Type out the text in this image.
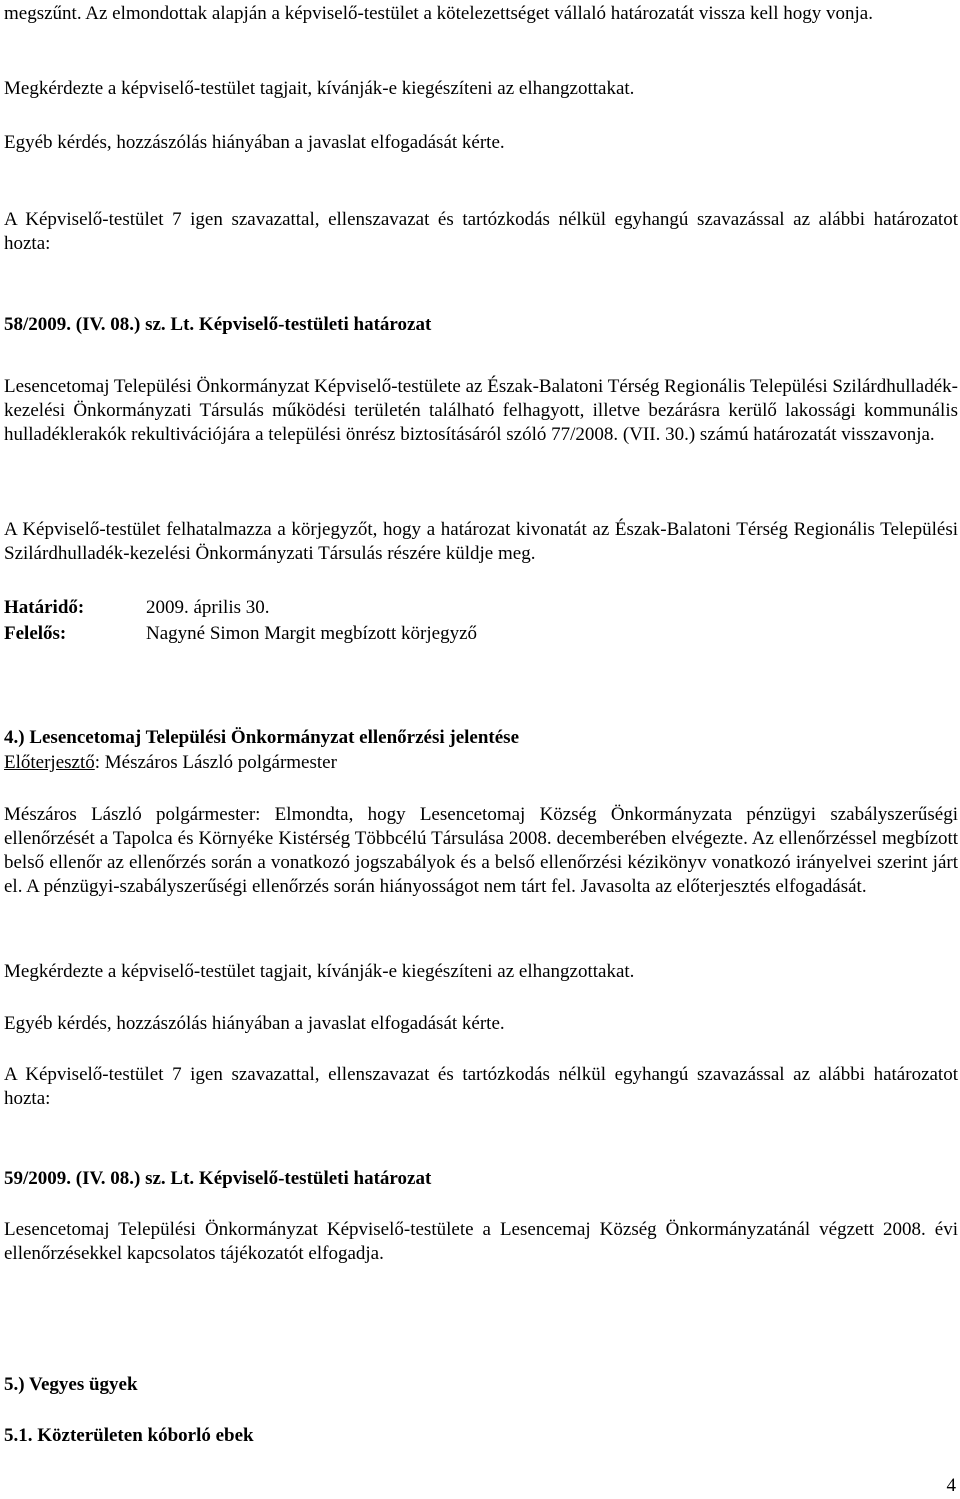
megszűnt. Az elmondottak alapján a képviselő-testület a kötelezettséget vállaló határozatát vissza kell hogy vonja.

Megkérdezte a képviselő-testület tagjait, kívánják-e kiegészíteni az elhangzottakat.

Egyéb kérdés, hozzászólás hiányában a javaslat elfogadását kérte.

A Képviselő-testület 7 igen szavazattal, ellenszavazat és tartózkodás nélkül egyhangú szavazással az alábbi határozatot hozta:

58/2009. (IV. 08.) sz. Lt. Képviselő-testületi határozat

Lesencetomaj Települési Önkormányzat Képviselő-testülete az Észak-Balatoni Térség Regionális Települési Szilárdhulladék-kezelési Önkormányzati Társulás működési területén található felhagyott, illetve bezárásra kerülő lakossági kommunális hulladéklerakók rekultivációjára a települési önrész biztosításáról szóló 77/2008. (VII. 30.) számú határozatát visszavonja.

A Képviselő-testület felhatalmazza a körjegyzőt, hogy a határozat kivonatát az Észak-Balatoni Térség Regionális Települési Szilárdhulladék-kezelési Önkormányzati Társulás részére küldje meg.

Határidő:	2009. április 30.

Felelős:	Nagyné Simon Margit megbízott körjegyző

4.) Lesencetomaj Települési Önkormányzat ellenőrzési jelentése

Előterjesztő: Mészáros László polgármester

Mészáros László polgármester: Elmondta, hogy Lesencetomaj Község Önkormányzata pénzügyi szabályszerűségi ellenőrzését a Tapolca és Környéke Kistérség Többcélú Társulása 2008. decemberében elvégezte. Az ellenőrzéssel megbízott belső ellenőr az ellenőrzés során a vonatkozó jogszabályok és a belső ellenőrzési kézikönyv vonatkozó irányelvei szerint járt el. A pénzügyi-szabályszerűségi ellenőrzés során hiányosságot nem tárt fel. Javasolta az előterjesztés elfogadását.

Megkérdezte a képviselő-testület tagjait, kívánják-e kiegészíteni az elhangzottakat.

Egyéb kérdés, hozzászólás hiányában a javaslat elfogadását kérte.

A Képviselő-testület 7 igen szavazattal, ellenszavazat és tartózkodás nélkül egyhangú szavazással az alábbi határozatot hozta:

59/2009. (IV. 08.) sz. Lt. Képviselő-testületi határozat

Lesencetomaj Települési Önkormányzat Képviselő-testülete a Lesencemaj Község Önkormányzatánál végzett 2008. évi ellenőrzésekkel kapcsolatos tájékozatót elfogadja.

5.) Vegyes ügyek

5.1. Közterületen kóborló ebek

4
